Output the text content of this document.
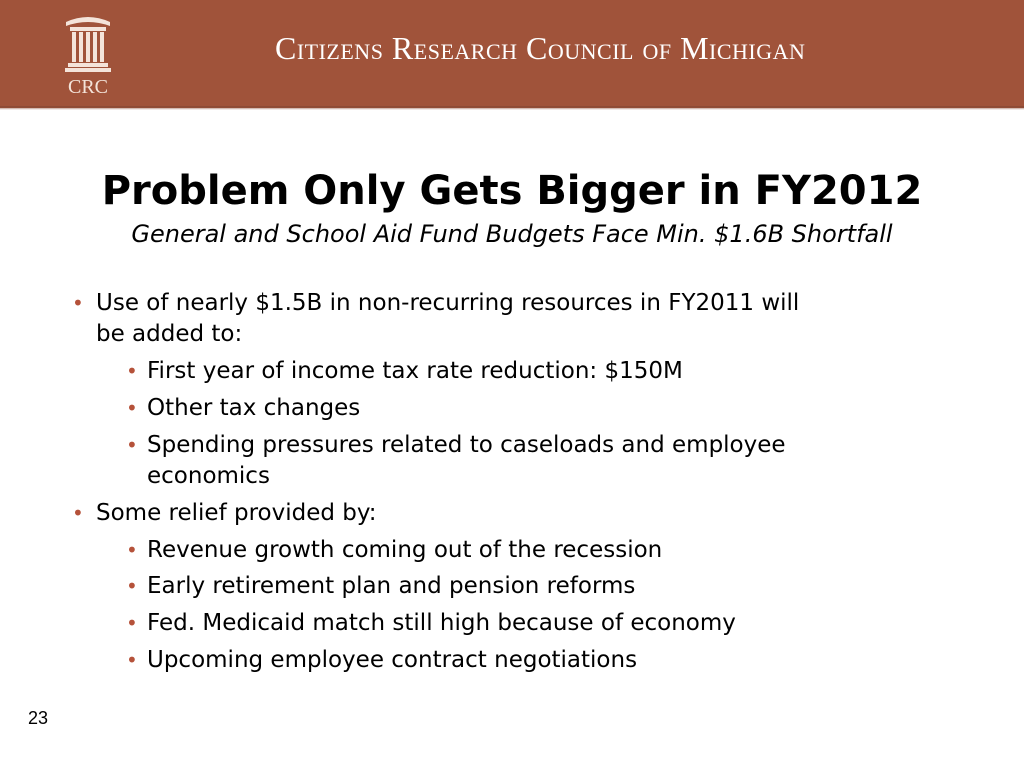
CRC
Citizens Research Council of Michigan
Problem Only Gets Bigger in FY2012
General and School Aid Fund Budgets Face Min. $1.6B Shortfall
• Use of nearly $1.5B in non-recurring resources in FY2011 will
be added to:
• First year of income tax rate reduction: $150M
• Other tax changes
• Spending pressures related to caseloads and employee
economics
• Some relief provided by:
• Revenue growth coming out of the recession
• Early retirement plan and pension reforms
• Fed. Medicaid match still high because of economy
• Upcoming employee contract negotiations
23
